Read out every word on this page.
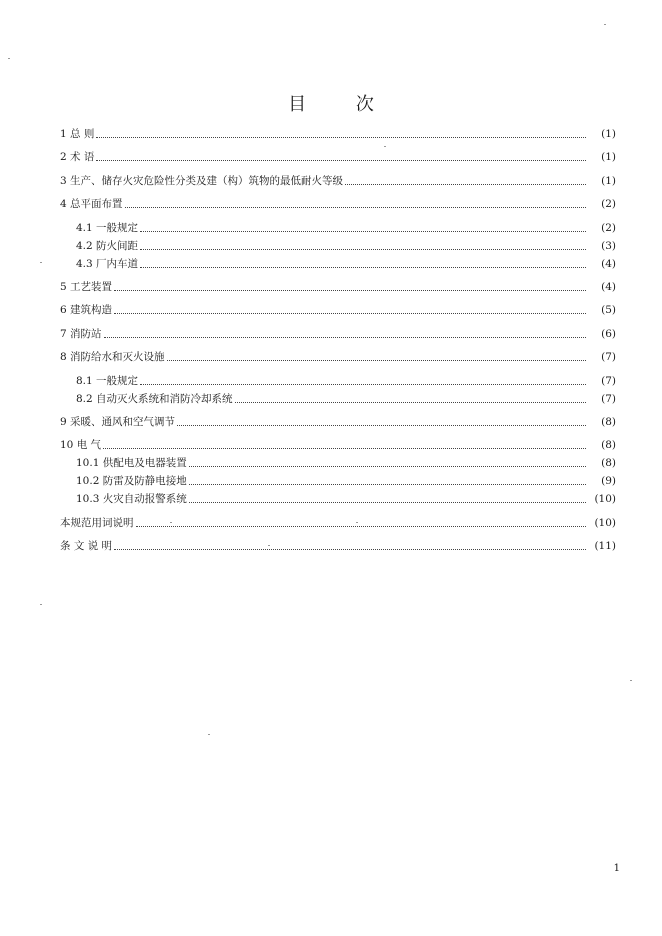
目 次
1 总 则	(1)
2 术 语	(1)
3 生产、储存火灾危险性分类及建（构）筑物的最低耐火等级	(1)
4 总平面布置	(2)
4.1 一般规定	(2)
4.2 防火间距	(3)
4.3 厂内车道	(4)
5 工艺装置	(4)
6 建筑构造	(5)
7 消防站	(6)
8 消防给水和灭火设施	(7)
8.1 一般规定	(7)
8.2 自动灭火系统和消防冷却系统	(7)
9 采暖、通风和空气调节	(8)
10 电 气	(8)
10.1 供配电及电器装置	(8)
10.2 防雷及防静电接地	(9)
10.3 火灾自动报警系统	(10)
本规范用词说明	(10)
条 文 说 明	(11)
1
